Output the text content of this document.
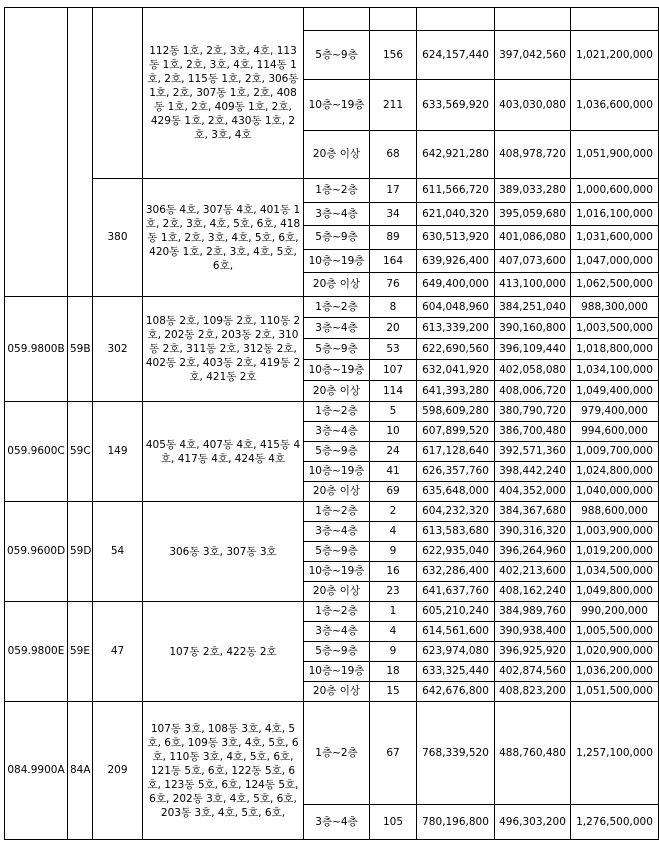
			112동 1호, 2호, 3호, 4호, 113동 1호, 2호, 3호, 4호, 114동 1호, 2호, 115동 1호, 2호, 306동 1호, 2호, 307동 1호, 2호, 408동 1호, 2호, 409동 1호, 2호, 429동 1호, 2호, 430동 1호, 2호, 3호, 4호					
				5층~9층	156	624,157,440	397,042,560	1,021,200,000
				10층~19층	211	633,569,920	403,030,080	1,036,600,000
				20층 이상	68	642,921,280	408,978,720	1,051,900,000
		380	306동 4호, 307동 4호, 401동 1호, 2호, 3호, 4호, 5호, 6호, 418동 1호, 2호, 3호, 4호, 5호, 6호, 420동 1호, 2호, 3호, 4호, 5호, 6호,	1층~2층	17	611,566,720	389,033,280	1,000,600,000
				3층~4층	34	621,040,320	395,059,680	1,016,100,000
				5층~9층	89	630,513,920	401,086,080	1,031,600,000
				10층~19층	164	639,926,400	407,073,600	1,047,000,000
				20층 이상	76	649,400,000	413,100,000	1,062,500,000
059.9800B	59B	302	108동 2호, 109동 2호, 110동 2호, 202동 2호, 203동 2호, 310동 2호, 311동 2호, 312동 2호, 402동 2호, 403동 2호, 419동 2호, 421동 2호	1층~2층	8	604,048,960	384,251,040	988,300,000
				3층~4층	20	613,339,200	390,160,800	1,003,500,000
				5층~9층	53	622,690,560	396,109,440	1,018,800,000
				10층~19층	107	632,041,920	402,058,080	1,034,100,000
				20층 이상	114	641,393,280	408,006,720	1,049,400,000
059.9600C	59C	149	405동 4호, 407동 4호, 415동 4호, 417동 4호, 424동 4호	1층~2층	5	598,609,280	380,790,720	979,400,000
				3층~4층	10	607,899,520	386,700,480	994,600,000
				5층~9층	24	617,128,640	392,571,360	1,009,700,000
				10층~19층	41	626,357,760	398,442,240	1,024,800,000
				20층 이상	69	635,648,000	404,352,000	1,040,000,000
059.9600D	59D	54	306동 3호, 307동 3호	1층~2층	2	604,232,320	384,367,680	988,600,000
				3층~4층	4	613,583,680	390,316,320	1,003,900,000
				5층~9층	9	622,935,040	396,264,960	1,019,200,000
				10층~19층	16	632,286,400	402,213,600	1,034,500,000
				20층 이상	23	641,637,760	408,162,240	1,049,800,000
059.9800E	59E	47	107동 2호, 422동 2호	1층~2층	1	605,210,240	384,989,760	990,200,000
				3층~4층	4	614,561,600	390,938,400	1,005,500,000
				5층~9층	9	623,974,080	396,925,920	1,020,900,000
				10층~19층	18	633,325,440	402,874,560	1,036,200,000
				20층 이상	15	642,676,800	408,823,200	1,051,500,000
084.9900A	84A	209	107동 3호, 108동 3호, 4호, 5호, 6호, 109동 3호, 4호, 5호, 6호, 110동 3호, 4호, 5호, 6호, 121동 5호, 6호, 122동 5호, 6호, 123동 5호, 6호, 124동 5호, 6호, 202동 3호, 4호, 5호, 6호, 203동 3호, 4호, 5호, 6호,	1층~2층	67	768,339,520	488,760,480	1,257,100,000
				3층~4층	105	780,196,800	496,303,200	1,276,500,000
